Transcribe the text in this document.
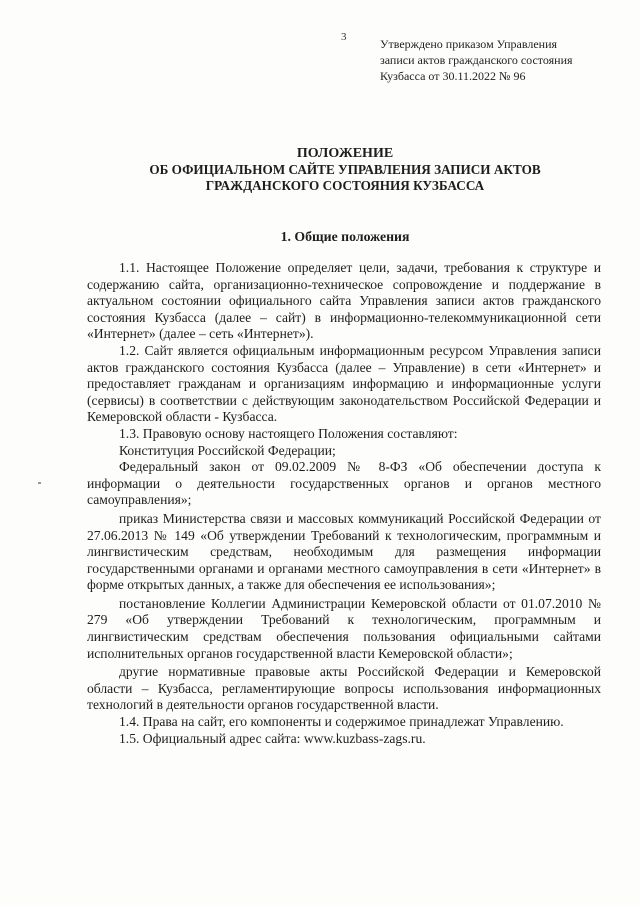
3	Утверждено приказом Управления
записи актов гражданского состояния
Кузбасса от 30.11.2022 № 96
ПОЛОЖЕНИЕ
ОБ ОФИЦИАЛЬНОМ САЙТЕ УПРАВЛЕНИЯ ЗАПИСИ АКТОВ
ГРАЖДАНСКОГО СОСТОЯНИЯ КУЗБАССА
1. Общие положения

1.1. Настоящее Положение определяет цели, задачи, требования к структуре и содержанию сайта, организационно-техническое сопровождение и поддержание в актуальном состоянии официального сайта Управления записи актов гражданского состояния Кузбасса (далее – сайт) в информационно-телекоммуникационной сети «Интернет» (далее – сеть «Интернет»).

1.2. Сайт является официальным информационным ресурсом Управления записи актов гражданского состояния Кузбасса (далее – Управление) в сети «Интернет» и предоставляет гражданам и организациям информацию и информационные услуги (сервисы) в соответствии с действующим законодательством Российской Федерации и Кемеровской области - Кузбасса.

1.3. Правовую основу настоящего Положения составляют:

Конституция Российской Федерации;

Федеральный закон от 09.02.2009 № 8-ФЗ «Об обеспечении доступа к информации о деятельности государственных органов и органов местного самоуправления»;

приказ Министерства связи и массовых коммуникаций Российской Федерации от 27.06.2013 № 149 «Об утверждении Требований к технологическим, программным и лингвистическим средствам, необходимым для размещения информации государственными органами и органами местного самоуправления в сети «Интернет» в форме открытых данных, а также для обеспечения ее использования»;

постановление Коллегии Администрации Кемеровской области от 01.07.2010 № 279 «Об утверждении Требований к технологическим, программным и лингвистическим средствам обеспечения пользования официальными сайтами исполнительных органов государственной власти Кемеровской области»;

другие нормативные правовые акты Российской Федерации и Кемеровской области – Кузбасса, регламентирующие вопросы использования информационных технологий в деятельности органов государственной власти.

1.4. Права на сайт, его компоненты и содержимое принадлежат Управлению.

1.5. Официальный адрес сайта: www.kuzbass-zags.ru.
